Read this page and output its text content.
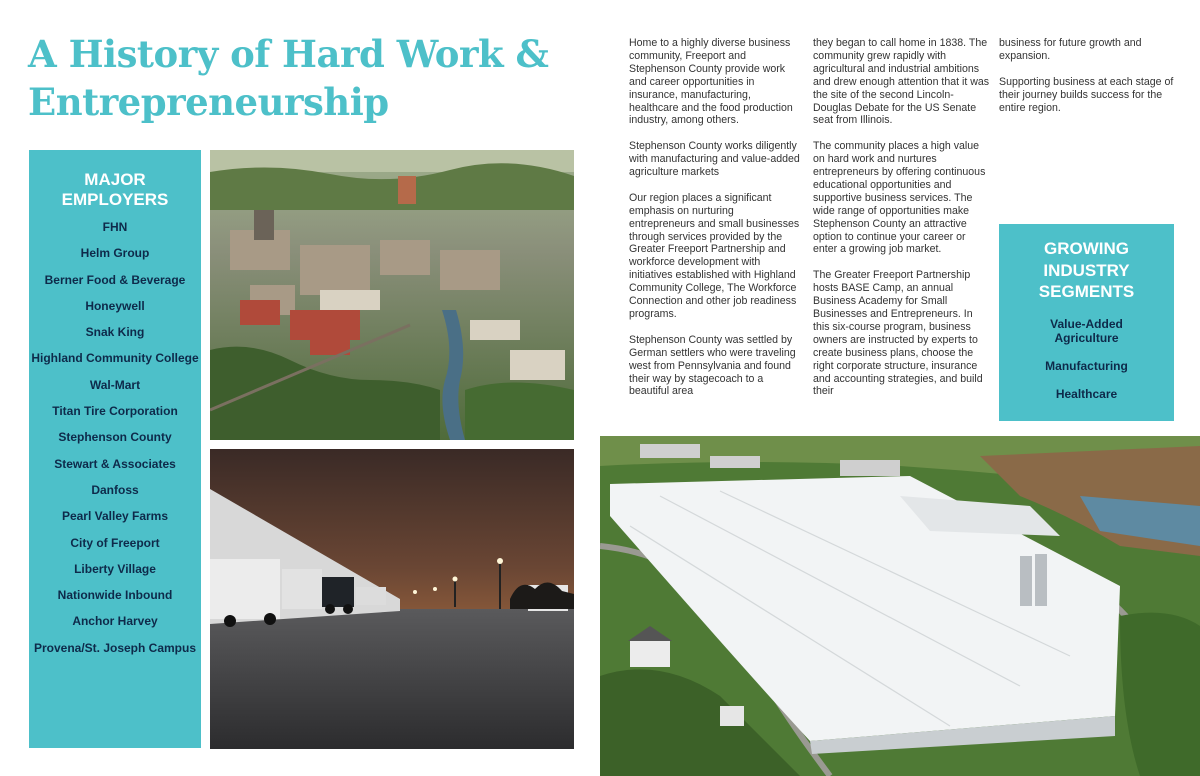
A History of Hard Work & Entrepreneurship
MAJOR EMPLOYERS
FHN
Helm Group
Berner Food & Beverage
Honeywell
Snak King
Highland Community College
Wal-Mart
Titan Tire Corporation
Stephenson County
Stewart & Associates
Danfoss
Pearl Valley Farms
City of Freeport
Liberty Village
Nationwide Inbound
Anchor Harvey
Provena/St. Joseph Campus

Home to a highly diverse business community, Freeport and Stephenson County provide work and career opportunities in insurance, manufacturing, healthcare and the food production industry, among others.

Stephenson County works diligently with manufacturing and value-added agriculture markets

Our region places a significant emphasis on nurturing entrepreneurs and small businesses through services provided by the Greater Freeport Partnership and workforce development with initiatives established with Highland Community College, The Workforce Connection and other job readiness programs.

Stephenson County was settled by German settlers who were traveling west from Pennsylvania and found their way by stagecoach to a beautiful area

they began to call home in 1838. The community grew rapidly with agricultural and industrial ambitions and drew enough attention that it was the site of the second Lincoln-Douglas Debate for the US Senate seat from Illinois.

The community places a high value on hard work and nurtures entrepreneurs by offering continuous educational opportunities and supportive business services. The wide range of opportunities make Stephenson County an attractive option to continue your career or enter a growing job market.

The Greater Freeport Partnership hosts BASE Camp, an annual Business Academy for Small Businesses and Entrepreneurs. In this six-course program, business owners are instructed by experts to create business plans, choose the right corporate structure, insurance and accounting strategies, and build their

business for future growth and expansion.

Supporting business at each stage of their journey builds success for the entire region.

GROWING INDUSTRY SEGMENTS
Value-Added Agriculture
Manufacturing
Healthcare
